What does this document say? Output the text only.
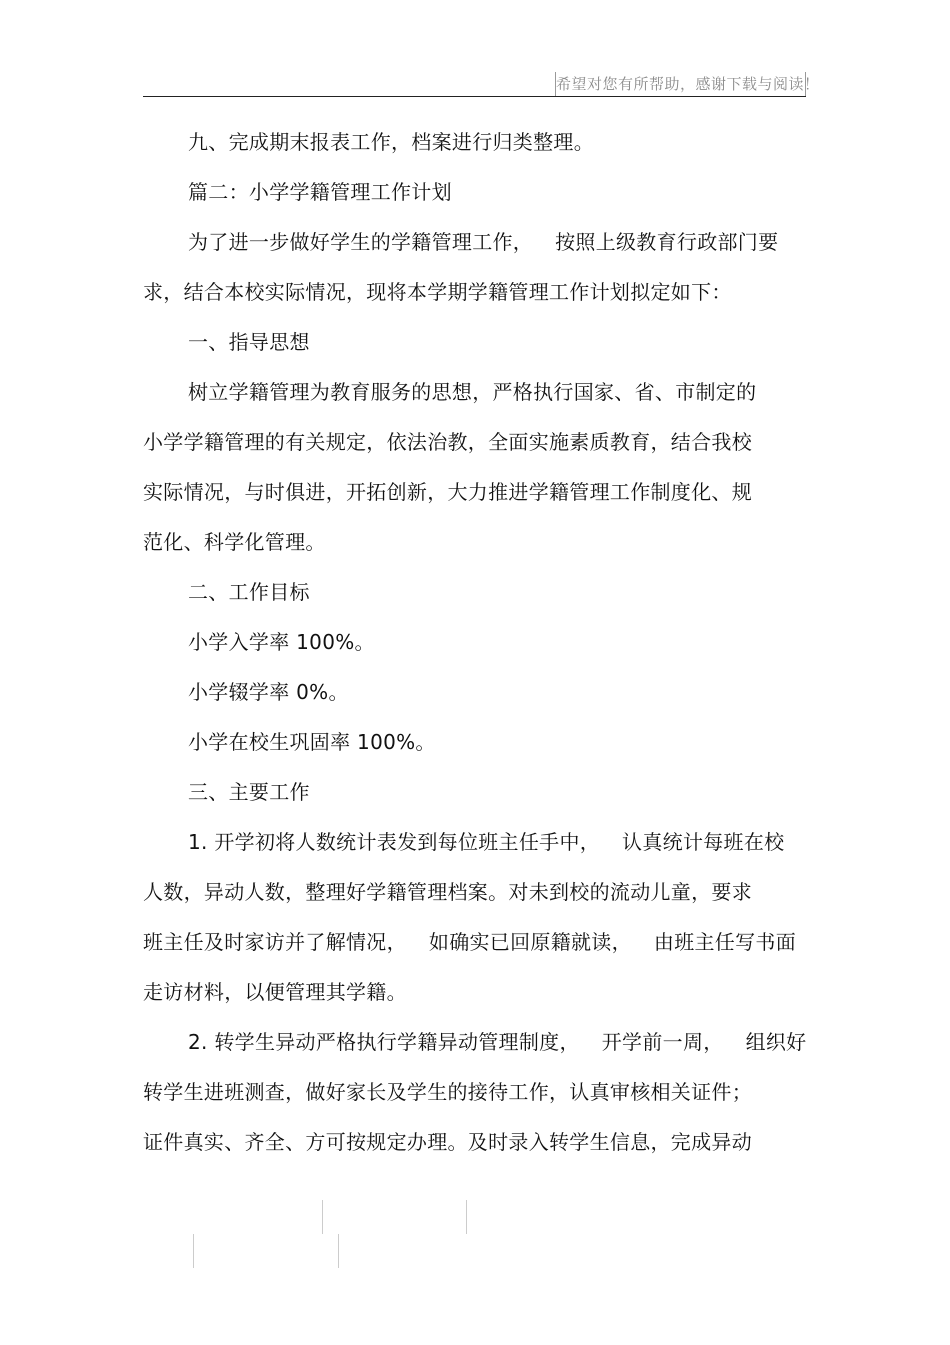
希望对您有所帮助，感谢下载与阅读！
九、完成期末报表工作，档案进行归类整理。
篇二：小学学籍管理工作计划
为了进一步做好学生的学籍管理工作， 按照上级教育行政部门要
求，结合本校实际情况，现将本学期学籍管理工作计划拟定如下：
一、指导思想
树立学籍管理为教育服务的思想，严格执行国家、省、市制定的
小学学籍管理的有关规定，依法治教，全面实施素质教育，结合我校
实际情况，与时俱进，开拓创新，大力推进学籍管理工作制度化、规
范化、科学化管理。
二、工作目标
小学入学率 100%。
小学辍学率 0%。
小学在校生巩固率 100%。
三、主要工作
1. 开学初将人数统计表发到每位班主任手中， 认真统计每班在校
人数，异动人数，整理好学籍管理档案。对未到校的流动儿童，要求
班主任及时家访并了解情况， 如确实已回原籍就读， 由班主任写书面
走访材料，以便管理其学籍。
2. 转学生异动严格执行学籍异动管理制度， 开学前一周， 组织好
转学生进班测查，做好家长及学生的接待工作，认真审核相关证件；
证件真实、齐全、方可按规定办理。及时录入转学生信息，完成异动
